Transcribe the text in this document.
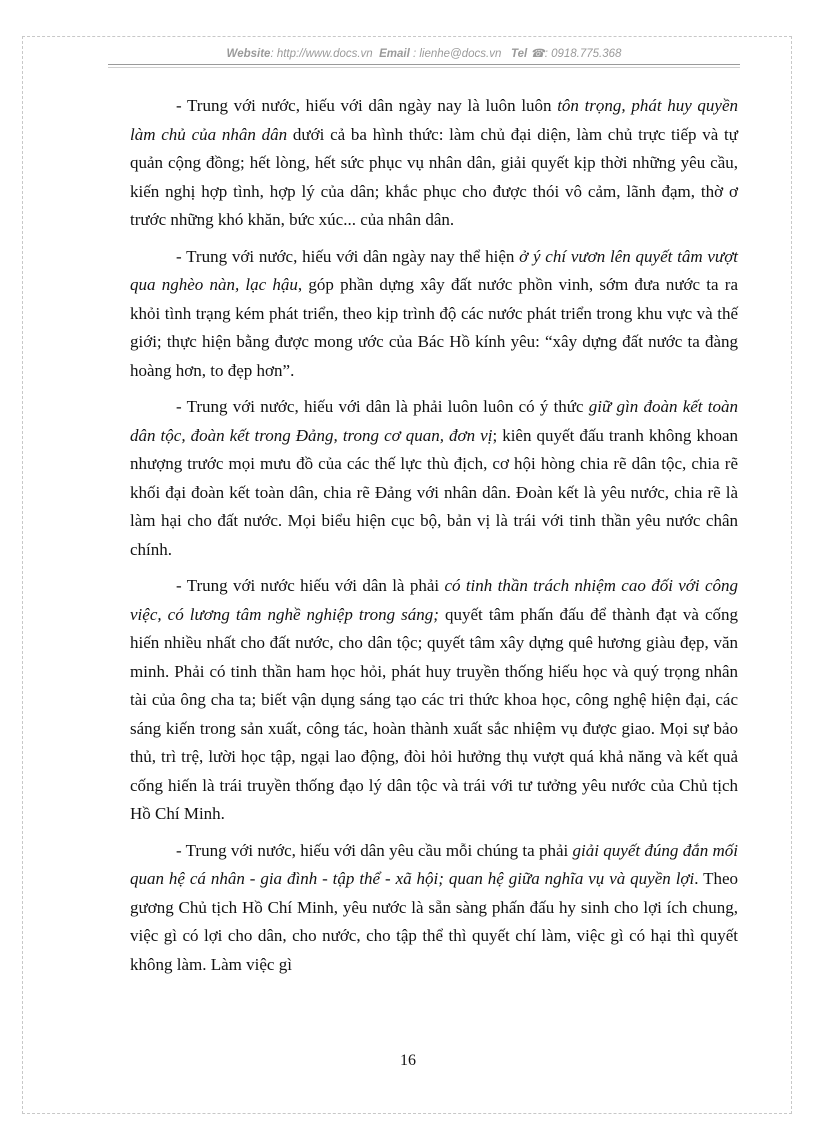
Website: http://www.docs.vn Email : lienhe@docs.vn Tel ☎: 0918.775.368

- Trung với nước, hiếu với dân ngày nay là luôn luôn tôn trọng, phát huy quyền làm chủ của nhân dân dưới cả ba hình thức: làm chủ đại diện, làm chủ trực tiếp và tự quản cộng đồng; hết lòng, hết sức phục vụ nhân dân, giải quyết kịp thời những yêu cầu, kiến nghị hợp tình, hợp lý của dân; khắc phục cho được thói vô cảm, lãnh đạm, thờ ơ trước những khó khăn, bức xúc... của nhân dân.

- Trung với nước, hiếu với dân ngày nay thể hiện ở ý chí vươn lên quyết tâm vượt qua nghèo nàn, lạc hậu, góp phần dựng xây đất nước phồn vinh, sớm đưa nước ta ra khỏi tình trạng kém phát triển, theo kịp trình độ các nước phát triển trong khu vực và thế giới; thực hiện bằng được mong ước của Bác Hồ kính yêu: “xây dựng đất nước ta đàng hoàng hơn, to đẹp hơn”.

- Trung với nước, hiếu với dân là phải luôn luôn có ý thức giữ gìn đoàn kết toàn dân tộc, đoàn kết trong Đảng, trong cơ quan, đơn vị; kiên quyết đấu tranh không khoan nhượng trước mọi mưu đồ của các thế lực thù địch, cơ hội hòng chia rẽ dân tộc, chia rẽ khối đại đoàn kết toàn dân, chia rẽ Đảng với nhân dân. Đoàn kết là yêu nước, chia rẽ là làm hại cho đất nước. Mọi biểu hiện cục bộ, bản vị là trái với tinh thần yêu nước chân chính.

- Trung với nước hiếu với dân là phải có tinh thần trách nhiệm cao đối với công việc, có lương tâm nghề nghiệp trong sáng; quyết tâm phấn đấu để thành đạt và cống hiến nhiều nhất cho đất nước, cho dân tộc; quyết tâm xây dựng quê hương giàu đẹp, văn minh. Phải có tinh thần ham học hỏi, phát huy truyền thống hiếu học và quý trọng nhân tài của ông cha ta; biết vận dụng sáng tạo các tri thức khoa học, công nghệ hiện đại, các sáng kiến trong sản xuất, công tác, hoàn thành xuất sắc nhiệm vụ được giao. Mọi sự bảo thủ, trì trệ, lười học tập, ngại lao động, đòi hỏi hưởng thụ vượt quá khả năng và kết quả cống hiến là trái truyền thống đạo lý dân tộc và trái với tư tưởng yêu nước của Chủ tịch Hồ Chí Minh.

- Trung với nước, hiếu với dân yêu cầu mỗi chúng ta phải giải quyết đúng đắn mối quan hệ cá nhân - gia đình - tập thể - xã hội; quan hệ giữa nghĩa vụ và quyền lợi. Theo gương Chủ tịch Hồ Chí Minh, yêu nước là sẵn sàng phấn đấu hy sinh cho lợi ích chung, việc gì có lợi cho dân, cho nước, cho tập thể thì quyết chí làm, việc gì có hại thì quyết không làm. Làm việc gì

16
